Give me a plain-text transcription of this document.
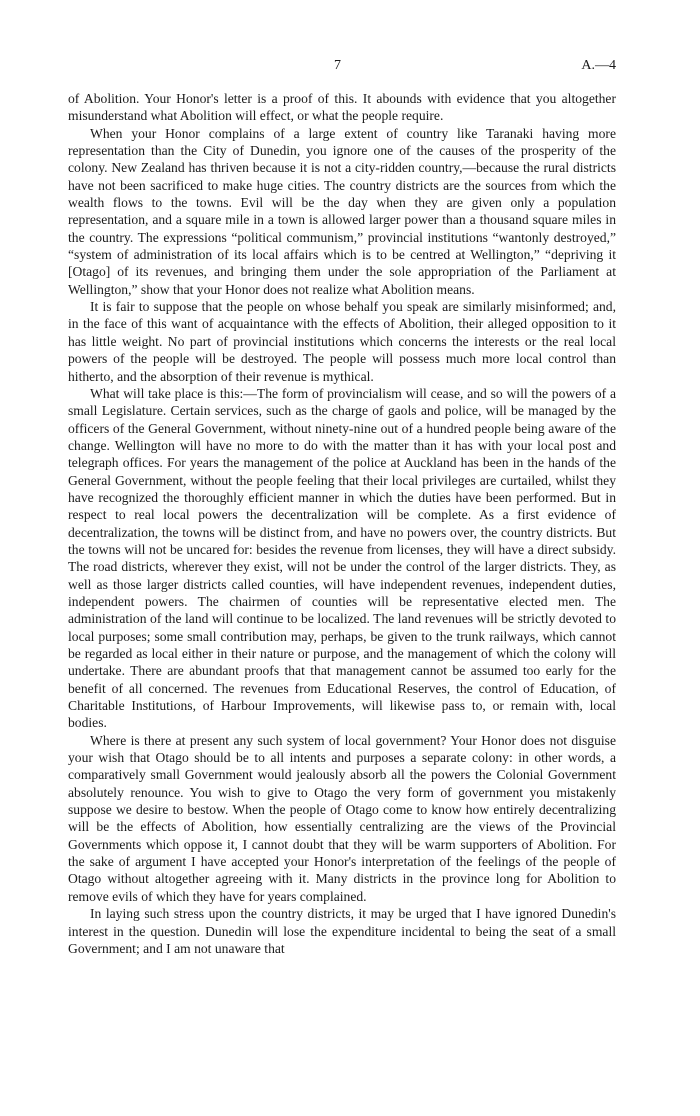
7	A.—4

of Abolition. Your Honor's letter is a proof of this. It abounds with evidence that you altogether misunderstand what Abolition will effect, or what the people require.

When your Honor complains of a large extent of country like Taranaki having more representation than the City of Dunedin, you ignore one of the causes of the prosperity of the colony. New Zealand has thriven because it is not a city-ridden country,—because the rural districts have not been sacrificed to make huge cities. The country districts are the sources from which the wealth flows to the towns. Evil will be the day when they are given only a population representation, and a square mile in a town is allowed larger power than a thousand square miles in the country. The expressions “political communism,” provincial institutions “wantonly destroyed,” “system of administration of its local affairs which is to be centred at Wellington,” “depriving it [Otago] of its revenues, and bringing them under the sole appropriation of the Parliament at Wellington,” show that your Honor does not realize what Abolition means.

It is fair to suppose that the people on whose behalf you speak are similarly misinformed; and, in the face of this want of acquaintance with the effects of Abolition, their alleged opposition to it has little weight. No part of provincial institutions which concerns the interests or the real local powers of the people will be destroyed. The people will possess much more local control than hitherto, and the absorption of their revenue is mythical.

What will take place is this:—The form of provincialism will cease, and so will the powers of a small Legislature. Certain services, such as the charge of gaols and police, will be managed by the officers of the General Government, without ninety-nine out of a hundred people being aware of the change. Wellington will have no more to do with the matter than it has with your local post and telegraph offices. For years the management of the police at Auckland has been in the hands of the General Government, without the people feeling that their local privileges are curtailed, whilst they have recognized the thoroughly efficient manner in which the duties have been performed. But in respect to real local powers the decentralization will be complete. As a first evidence of decentralization, the towns will be distinct from, and have no powers over, the country districts. But the towns will not be uncared for: besides the revenue from licenses, they will have a direct subsidy. The road districts, wherever they exist, will not be under the control of the larger districts. They, as well as those larger districts called counties, will have independent revenues, independent duties, independent powers. The chairmen of counties will be representative elected men. The administration of the land will continue to be localized. The land revenues will be strictly devoted to local purposes; some small contribution may, perhaps, be given to the trunk railways, which cannot be regarded as local either in their nature or purpose, and the management of which the colony will undertake. There are abundant proofs that that management cannot be assumed too early for the benefit of all concerned. The revenues from Educational Reserves, the control of Education, of Charitable Institutions, of Harbour Improvements, will likewise pass to, or remain with, local bodies.

Where is there at present any such system of local government? Your Honor does not disguise your wish that Otago should be to all intents and purposes a separate colony: in other words, a comparatively small Government would jealously absorb all the powers the Colonial Government absolutely renounce. You wish to give to Otago the very form of government you mistakenly suppose we desire to bestow. When the people of Otago come to know how entirely decentralizing will be the effects of Abolition, how essentially centralizing are the views of the Provincial Governments which oppose it, I cannot doubt that they will be warm supporters of Abolition. For the sake of argument I have accepted your Honor's interpretation of the feelings of the people of Otago without altogether agreeing with it. Many districts in the province long for Abolition to remove evils of which they have for years complained.

In laying such stress upon the country districts, it may be urged that I have ignored Dunedin's interest in the question. Dunedin will lose the expenditure incidental to being the seat of a small Government; and I am not unaware that
